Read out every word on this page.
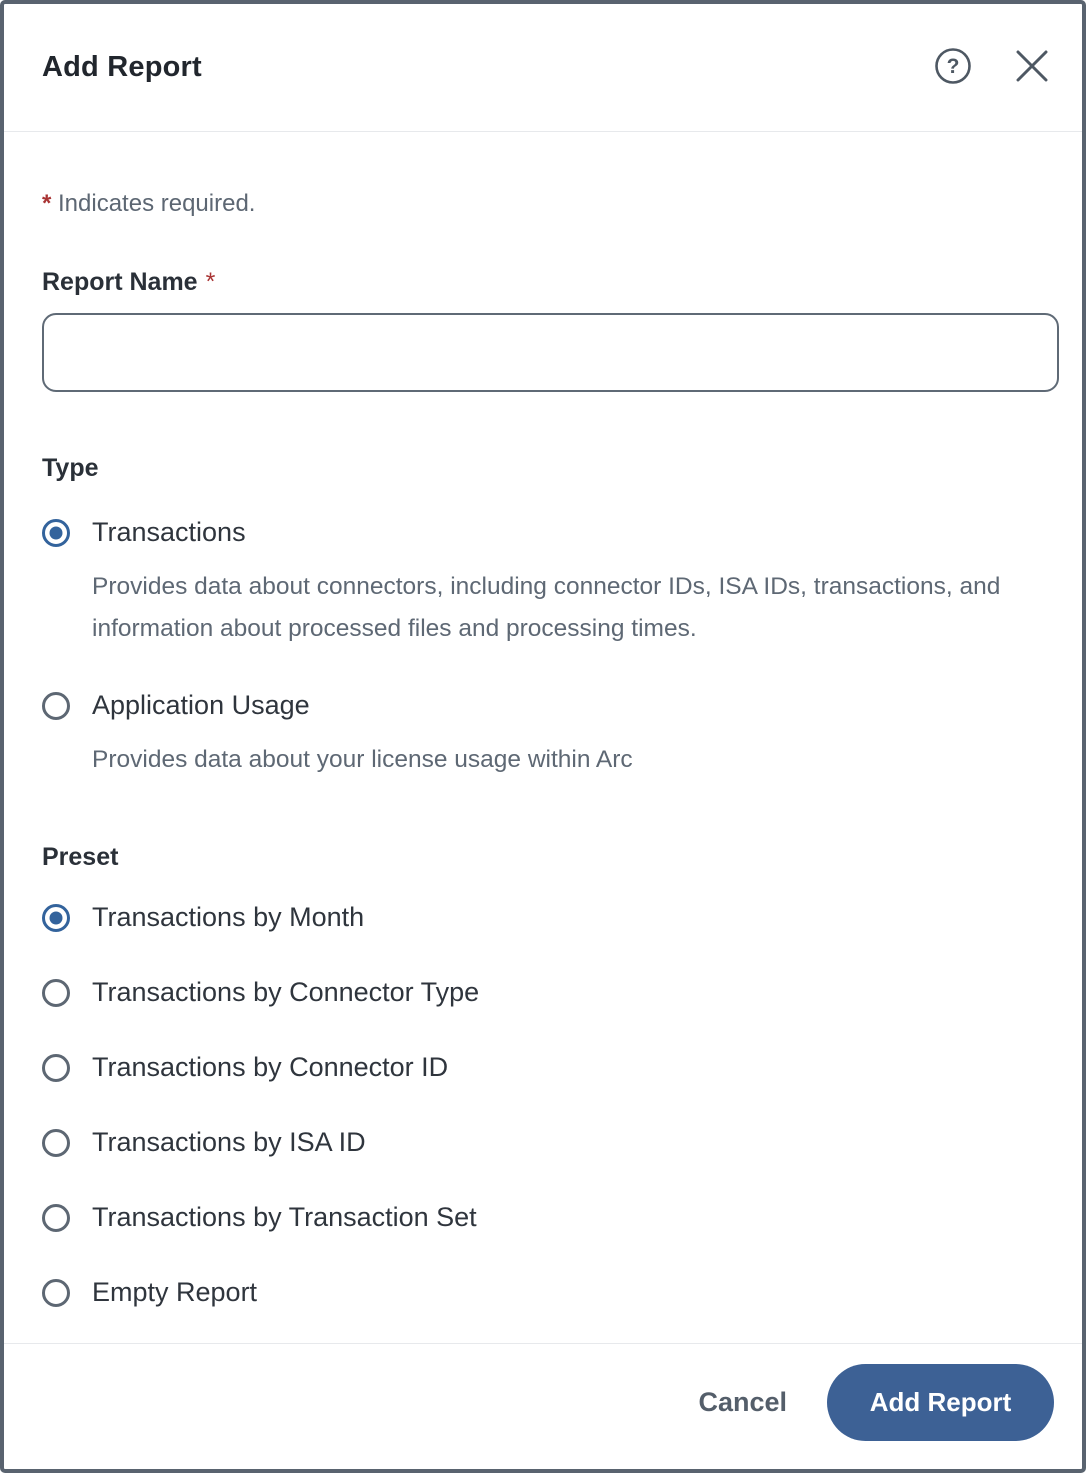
Add Report	?
* Indicates required.
Report Name *
Type
Transactions
Provides data about connectors, including connector IDs, ISA IDs, transactions, and information about processed files and processing times.
Application Usage
Provides data about your license usage within Arc
Preset
Transactions by Month
Transactions by Connector Type
Transactions by Connector ID
Transactions by ISA ID
Transactions by Transaction Set
Empty Report
Cancel	Add Report
